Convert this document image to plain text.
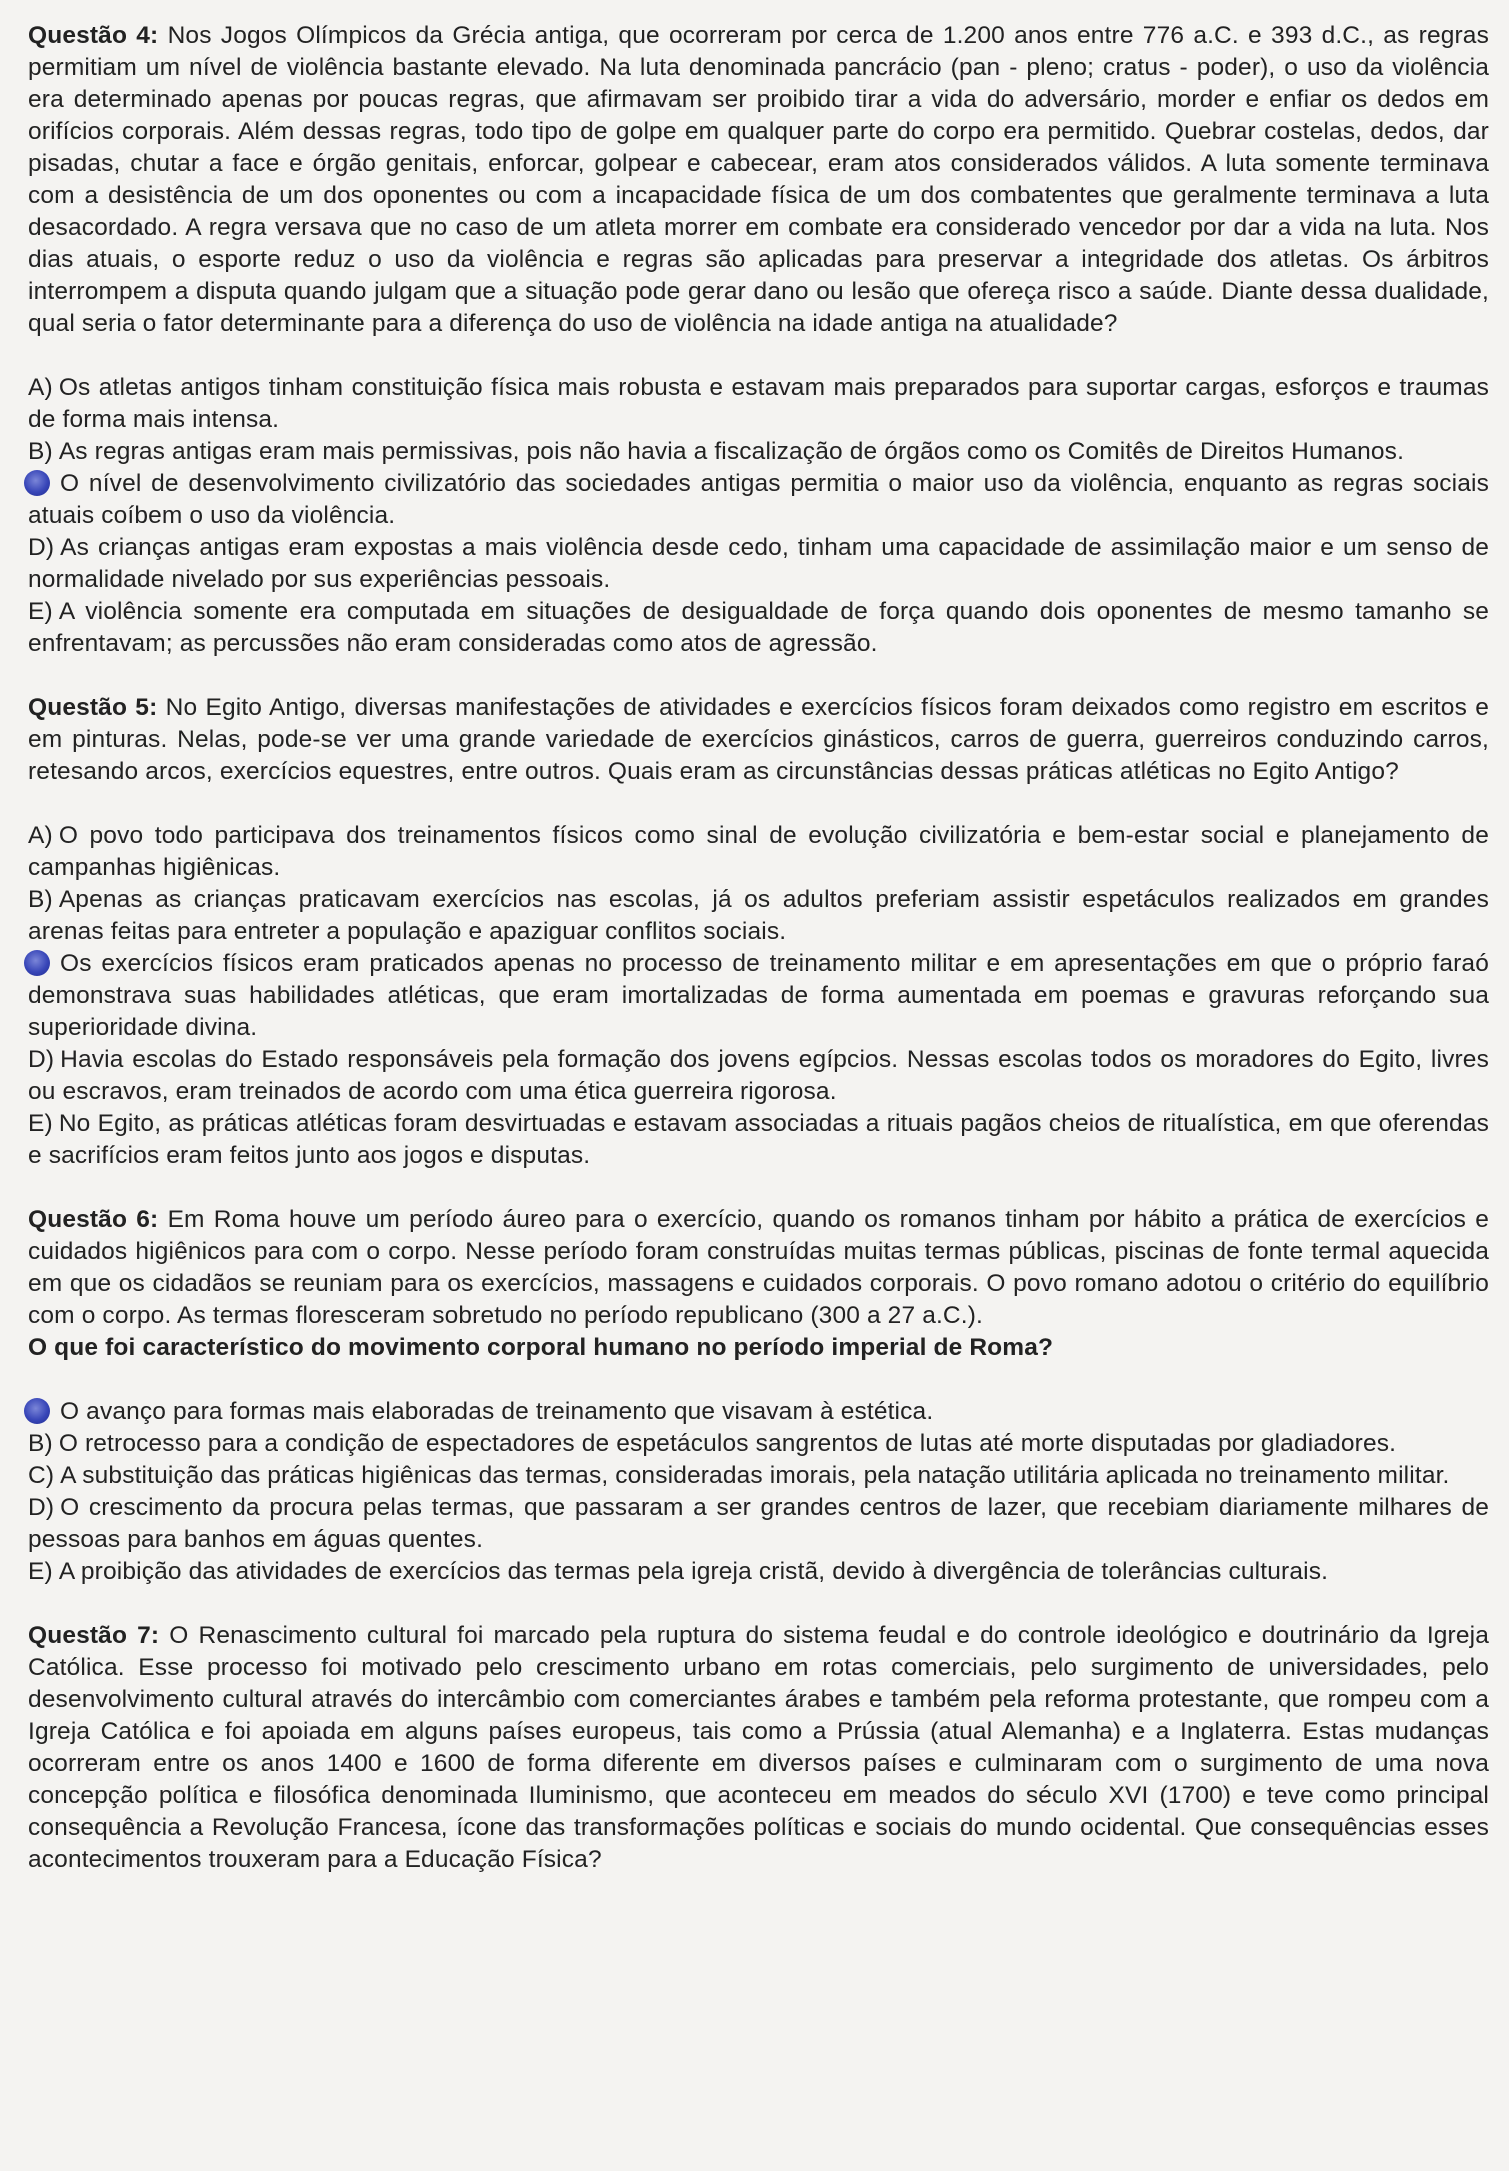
Questão 4: Nos Jogos Olímpicos da Grécia antiga, que ocorreram por cerca de 1.200 anos entre 776 a.C. e 393 d.C., as regras permitiam um nível de violência bastante elevado. Na luta denominada pancrácio (pan - pleno; cratus - poder), o uso da violência era determinado apenas por poucas regras, que afirmavam ser proibido tirar a vida do adversário, morder e enfiar os dedos em orifícios corporais. Além dessas regras, todo tipo de golpe em qualquer parte do corpo era permitido. Quebrar costelas, dedos, dar pisadas, chutar a face e órgão genitais, enforcar, golpear e cabecear, eram atos considerados válidos. A luta somente terminava com a desistência de um dos oponentes ou com a incapacidade física de um dos combatentes que geralmente terminava a luta desacordado. A regra versava que no caso de um atleta morrer em combate era considerado vencedor por dar a vida na luta. Nos dias atuais, o esporte reduz o uso da violência e regras são aplicadas para preservar a integridade dos atletas. Os árbitros interrompem a disputa quando julgam que a situação pode gerar dano ou lesão que ofereça risco a saúde. Diante dessa dualidade, qual seria o fator determinante para a diferença do uso de violência na idade antiga na atualidade?

A) Os atletas antigos tinham constituição física mais robusta e estavam mais preparados para suportar cargas, esforços e traumas de forma mais intensa.

B) As regras antigas eram mais permissivas, pois não havia a fiscalização de órgãos como os Comitês de Direitos Humanos.

O nível de desenvolvimento civilizatório das sociedades antigas permitia o maior uso da violência, enquanto as regras sociais atuais coíbem o uso da violência.

D) As crianças antigas eram expostas a mais violência desde cedo, tinham uma capacidade de assimilação maior e um senso de normalidade nivelado por sus experiências pessoais.

E) A violência somente era computada em situações de desigualdade de força quando dois oponentes de mesmo tamanho se enfrentavam; as percussões não eram consideradas como atos de agressão.

Questão 5: No Egito Antigo, diversas manifestações de atividades e exercícios físicos foram deixados como registro em escritos e em pinturas. Nelas, pode-se ver uma grande variedade de exercícios ginásticos, carros de guerra, guerreiros conduzindo carros, retesando arcos, exercícios equestres, entre outros. Quais eram as circunstâncias dessas práticas atléticas no Egito Antigo?

A) O povo todo participava dos treinamentos físicos como sinal de evolução civilizatória e bem-estar social e planejamento de campanhas higiênicas.

B) Apenas as crianças praticavam exercícios nas escolas, já os adultos preferiam assistir espetáculos realizados em grandes arenas feitas para entreter a população e apaziguar conflitos sociais.

Os exercícios físicos eram praticados apenas no processo de treinamento militar e em apresentações em que o próprio faraó demonstrava suas habilidades atléticas, que eram imortalizadas de forma aumentada em poemas e gravuras reforçando sua superioridade divina.

D) Havia escolas do Estado responsáveis pela formação dos jovens egípcios. Nessas escolas todos os moradores do Egito, livres ou escravos, eram treinados de acordo com uma ética guerreira rigorosa.

E) No Egito, as práticas atléticas foram desvirtuadas e estavam associadas a rituais pagãos cheios de ritualística, em que oferendas e sacrifícios eram feitos junto aos jogos e disputas.

Questão 6: Em Roma houve um período áureo para o exercício, quando os romanos tinham por hábito a prática de exercícios e cuidados higiênicos para com o corpo. Nesse período foram construídas muitas termas públicas, piscinas de fonte termal aquecida em que os cidadãos se reuniam para os exercícios, massagens e cuidados corporais. O povo romano adotou o critério do equilíbrio com o corpo. As termas floresceram sobretudo no período republicano (300 a 27 a.C.).

O que foi característico do movimento corporal humano no período imperial de Roma?

O avanço para formas mais elaboradas de treinamento que visavam à estética.

B) O retrocesso para a condição de espectadores de espetáculos sangrentos de lutas até morte disputadas por gladiadores.

C) A substituição das práticas higiênicas das termas, consideradas imorais, pela natação utilitária aplicada no treinamento militar.

D) O crescimento da procura pelas termas, que passaram a ser grandes centros de lazer, que recebiam diariamente milhares de pessoas para banhos em águas quentes.

E) A proibição das atividades de exercícios das termas pela igreja cristã, devido à divergência de tolerâncias culturais.

Questão 7: O Renascimento cultural foi marcado pela ruptura do sistema feudal e do controle ideológico e doutrinário da Igreja Católica. Esse processo foi motivado pelo crescimento urbano em rotas comerciais, pelo surgimento de universidades, pelo desenvolvimento cultural através do intercâmbio com comerciantes árabes e também pela reforma protestante, que rompeu com a Igreja Católica e foi apoiada em alguns países europeus, tais como a Prússia (atual Alemanha) e a Inglaterra. Estas mudanças ocorreram entre os anos 1400 e 1600 de forma diferente em diversos países e culminaram com o surgimento de uma nova concepção política e filosófica denominada Iluminismo, que aconteceu em meados do século XVI (1700) e teve como principal consequência a Revolução Francesa, ícone das transformações políticas e sociais do mundo ocidental. Que consequências esses acontecimentos trouxeram para a Educação Física?
